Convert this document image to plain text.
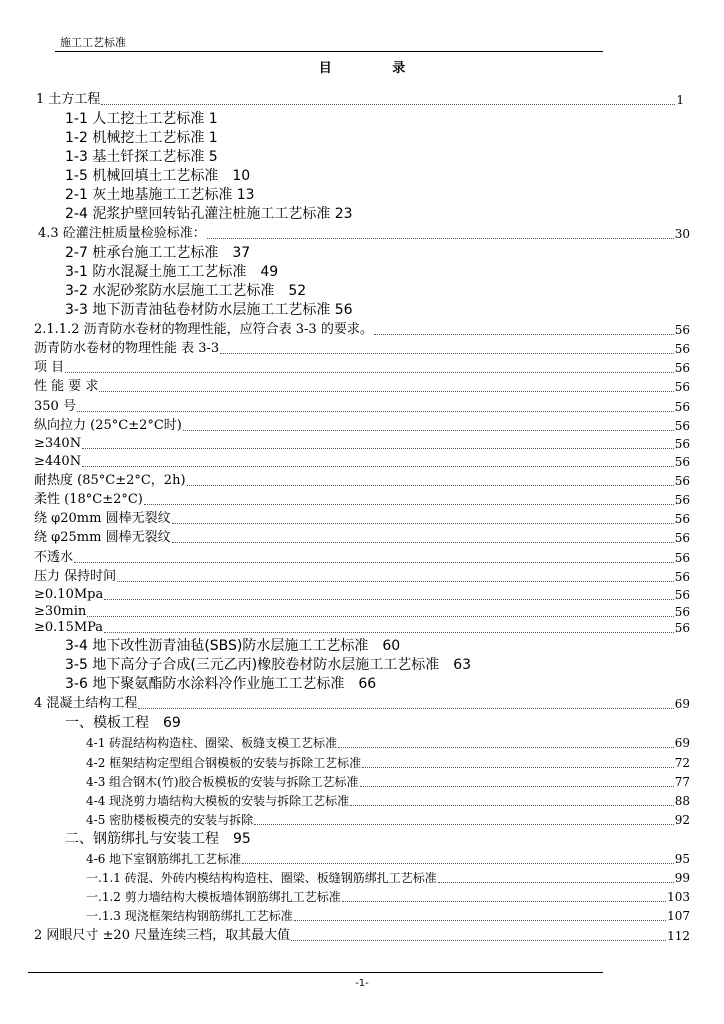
施工工艺标准
目 录
1 土方工程	1
1-1 人工挖土工艺标准 1
1-2 机械挖土工艺标准 1
1-3 基土钎探工艺标准 5
1-5 机械回填土工艺标准　10
2-1 灰土地基施工工艺标准 13
2-4 泥浆护壁回转钻孔灌注桩施工工艺标准 23
4.3 砼灌注桩质量检验标准：	30
2-7 桩承台施工工艺标准　37
3-1 防水混凝土施工工艺标准　49
3-2 水泥砂浆防水层施工工艺标准　52
3-3 地下沥青油毡卷材防水层施工工艺标准 56
2.1.1.2 沥青防水卷材的物理性能，应符合表 3-3 的要求。	56
沥青防水卷材的物理性能 表 3-3	56
项 目	56
性 能 要 求	56
350 号	56
纵向拉力 (25°C±2°C时)	56
≥340N	56
≥440N	56
耐热度 (85°C±2°C，2h)	56
柔性 (18°C±2°C)	56
绕 φ20mm 圆棒无裂纹	56
绕 φ25mm 圆棒无裂纹	56
不透水	56
压力 保持时间	56
≥0.10Mpa	56
≥30min	56
≥0.15MPa	56
3-4 地下改性沥青油毡(SBS)防水层施工工艺标准　60
3-5 地下高分子合成(三元乙丙)橡胶卷材防水层施工工艺标准　63
3-6 地下聚氨酯防水涂料冷作业施工工艺标准　66
4 混凝土结构工程	69
一、模板工程　69
4-1 砖混结构构造柱、圈梁、板缝支模工艺标准	69
4-2 框架结构定型组合钢模板的安装与拆除工艺标准	72
4-3 组合钢木(竹)胶合板模板的安装与拆除工艺标准	77
4-4 现浇剪力墙结构大模板的安装与拆除工艺标准	88
4-5 密肋楼板模壳的安装与拆除	92
二、钢筋绑扎与安装工程　95
4-6 地下室钢筋绑扎工艺标准	95
一.1.1 砖混、外砖内模结构构造柱、圈梁、板缝钢筋绑扎工艺标准	99
一.1.2 剪力墙结构大模板墙体钢筋绑扎工艺标准	103
一.1.3 现浇框架结构钢筋绑扎工艺标准	107
2 网眼尺寸 ±20 尺量连续三档，取其最大值	112
-1-
